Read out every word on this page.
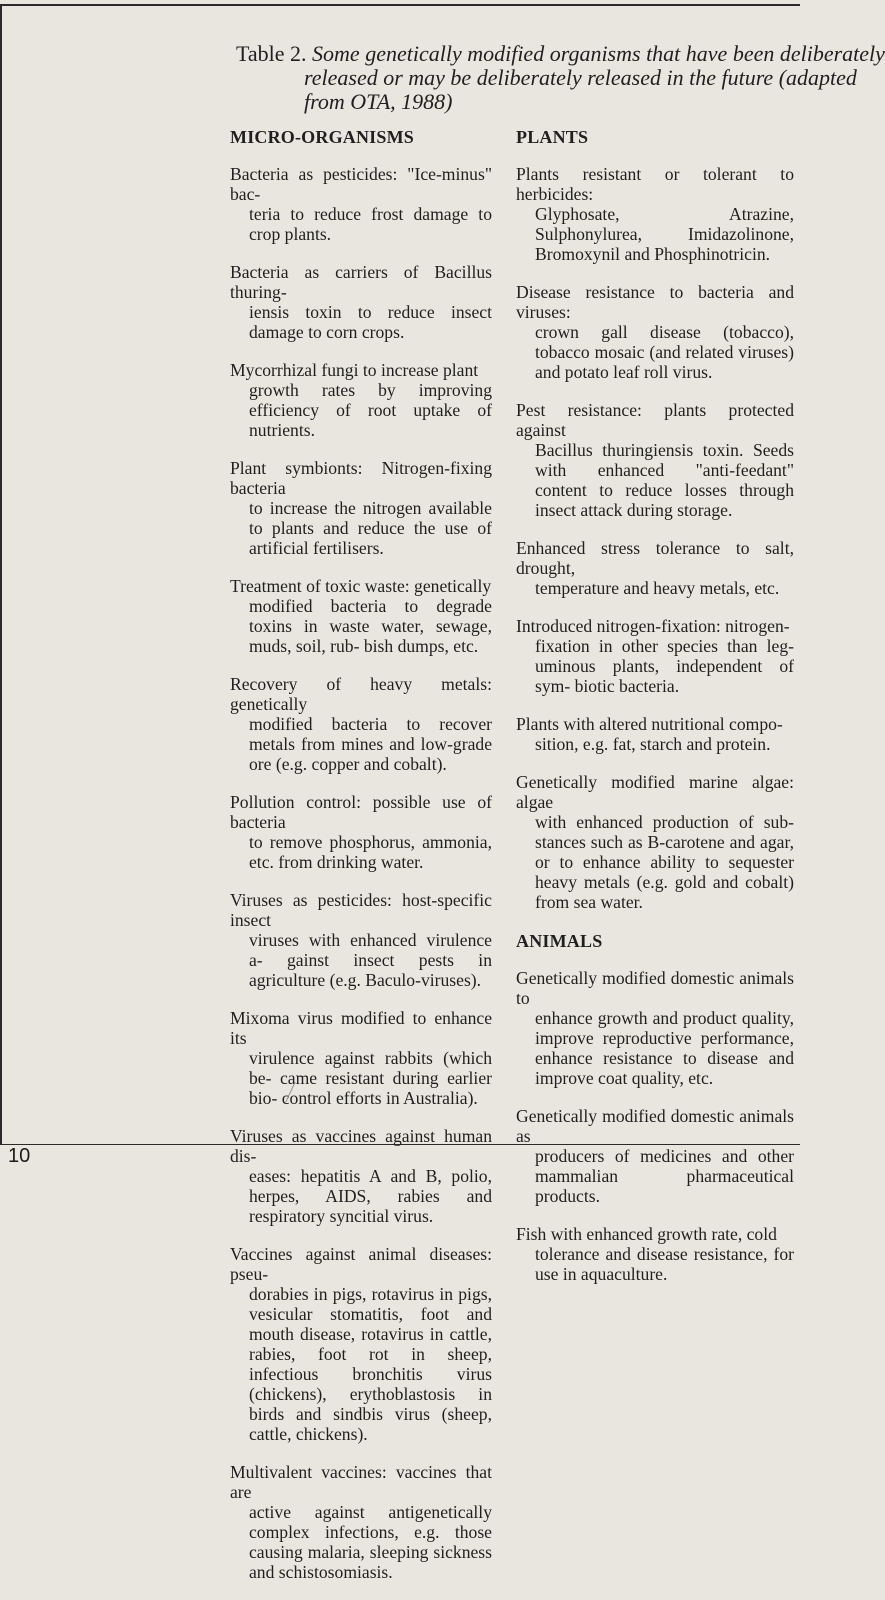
Table 2. Some genetically modified organisms that have been deliberately
released or may be deliberately released in the future (adapted
from OTA, 1988)
MICRO-ORGANISMS
Bacteria as pesticides: "Ice-minus" bac-
teria to reduce frost damage to crop plants.
Bacteria as carriers of Bacillus thuring-
iensis toxin to reduce insect damage to corn crops.
Mycorrhizal fungi to increase plant
growth rates by improving efficiency of root uptake of nutrients.
Plant symbionts: Nitrogen-fixing bacteria
to increase the nitrogen available to plants and reduce the use of artificial fertilisers.
Treatment of toxic waste: genetically
modified bacteria to degrade toxins in waste water, sewage, muds, soil, rub- bish dumps, etc.
Recovery of heavy metals: genetically
modified bacteria to recover metals from mines and low-grade ore (e.g. copper and cobalt).
Pollution control: possible use of bacteria
to remove phosphorus, ammonia, etc. from drinking water.
Viruses as pesticides: host-specific insect
viruses with enhanced virulence a- gainst insect pests in agriculture (e.g. Baculo-viruses).
Mixoma virus modified to enhance its
virulence against rabbits (which be- came resistant during earlier bio- control efforts in Australia).
Viruses as vaccines against human dis-
eases: hepatitis A and B, polio, herpes, AIDS, rabies and respiratory syncitial virus.
Vaccines against animal diseases: pseu-
dorabies in pigs, rotavirus in pigs, vesicular stomatitis, foot and mouth disease, rotavirus in cattle, rabies, foot rot in sheep, infectious bronchitis virus (chickens), erythoblastosis in birds and sindbis virus (sheep, cattle, chickens).
Multivalent vaccines: vaccines that are
active against antigenetically complex infections, e.g. those causing malaria, sleeping sickness and schistosomiasis.
PLANTS
Plants resistant or tolerant to herbicides:
Glyphosate, Atrazine, Sulphonylurea, Imidazolinone, Bromoxynil and Phosphinotricin.
Disease resistance to bacteria and viruses:
crown gall disease (tobacco), tobacco mosaic (and related viruses) and potato leaf roll virus.
Pest resistance: plants protected against
Bacillus thuringiensis toxin. Seeds with enhanced "anti-feedant" content to reduce losses through insect attack during storage.
Enhanced stress tolerance to salt, drought,
temperature and heavy metals, etc.
Introduced nitrogen-fixation: nitrogen-
fixation in other species than leg- uminous plants, independent of sym- biotic bacteria.
Plants with altered nutritional compo-
sition, e.g. fat, starch and protein.
Genetically modified marine algae: algae
with enhanced production of sub- stances such as B-carotene and agar, or to enhance ability to sequester heavy metals (e.g. gold and cobalt) from sea water.
ANIMALS
Genetically modified domestic animals to
enhance growth and product quality, improve reproductive performance, enhance resistance to disease and improve coat quality, etc.
Genetically modified domestic animals as
producers of medicines and other mammalian pharmaceutical products.
Fish with enhanced growth rate, cold
tolerance and disease resistance, for use in aquaculture.
10
